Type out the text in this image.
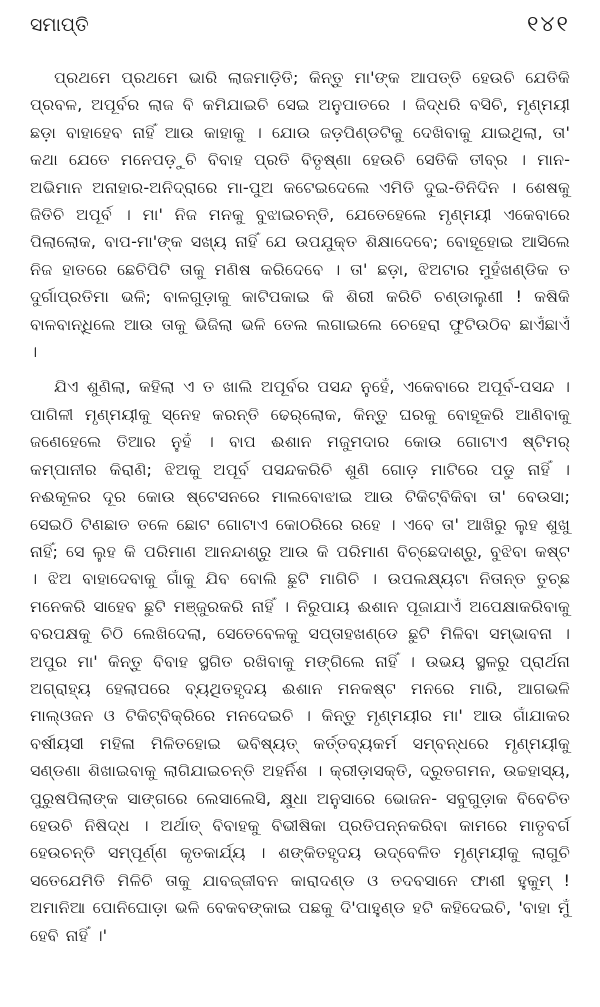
ସମାପ୍ତି	୧୪୧

ପ୍ରଥମେ ପ୍ରଥମେ ଭାରି ଲାଜମାଡ଼ିତି; କିନ୍ତୁ ମା'ଙ୍କ ଆପତ୍ତି ହେଉଚି ଯେତିକି ପ୍ରବଳ, ଅପୂର୍ବର ଲାଜ ବି କମିଯାଇଚି ସେଇ ଅନୁପାତରେ । ଜିଦ୍‌ଧରି ବସିଚି, ମୃଣ୍ମୟୀ ଛଡ଼ା ବାହାହେବ ନାହିଁ ଆଉ କାହାକୁ । ଯୋଉ ଜଡ଼ପିଣ୍ଡଟିକୁ ଦେଖିବାକୁ ଯାଇଥିଲା, ତା' କଥା ଯେତେ ମନେପଡ଼ୁଚି ବିବାହ ପ୍ରତି ବିତୃଷ୍ଣା ହେଉଚି ସେତିକି ତୀବ୍ର । ମାନ-ଅଭିମାନ ଅନାହାର-ଅନିଦ୍ରାରେ ମା-ପୁଅ କଟେଇଦେଲେ ଏମିତି ଦୁଇ-ତିନିଦିନ । ଶେଷକୁ ଜିତିଚି ଅପୂର୍ବ । ମା' ନିଜ ମନକୁ ବୁଝାଇଚନ୍ତି, ଯେତେହେଲେ ମୃଣ୍ମୟୀ ଏକେବାରେ ପିଲାଲୋକ, ବାପ-ମା'ଙ୍କ ସଖ୍ୟ ନାହିଁ ଯେ ଉପଯୁକ୍ତ ଶିକ୍ଷାଦେବେ; ବୋହୂହୋଇ ଆସିଲେ ନିଜ ହାତରେ ଛେଚିପିଟି ତାକୁ ମଣିଷ କରିଦେବେ । ତା' ଛଡ଼ା, ଝିଅଟାର ମୁହଁଖଣ୍ଡିକ ତ ଦୁର୍ଗାପ୍ରତିମା ଭଳି; ବାଳଗୁଡ଼ାକୁ କାଟିପକାଇ କି ଶିରୀ କରିଚି ଚଣ୍ଡାଲୁଣୀ ! କଷିକି ବାଳବାନ୍ଧିଲେ ଆଉ ତାକୁ ଭିଜିଲା ଭଳି ତେଲ ଲଗାଇଲେ ଚେହେରା ଫୁଟିଉଠିବ ଛାଏଁଛାଏଁ ।

ଯିଏ ଶୁଣିଲା, କହିଲା ଏ ତ ଖାଲି ଅପୂର୍ବର ପସନ୍ଦ ନୁହେଁ, ଏକେବାରେ ଅପୂର୍ବ-ପସନ୍ଦ । ପାଗିଳୀ ମୃଣ୍ମୟୀକୁ ସ୍ନେହ କରନ୍ତି ଢେର୍‌ଲୋକ, କିନ୍ତୁ ଘରକୁ ବୋହୂକରି ଆଣିବାକୁ ଜଣେହେଲେ ତିଆର ନୁହଁ । ବାପ ଈଶାନ ମଜୁମଦାର କୋଉ ଗୋଟାଏ ଷ୍ଟିମର୍ କମ୍ପାନୀର କିରାଣି; ଝିଅକୁ ଅପୂର୍ବ ପସନ୍ଦକରିଚି ଶୁଣି ଗୋଡ଼ ମାଟିରେ ପଡୁ ନାହିଁ । ନଈକୂଳର ଦୂର କୋଉ ଷ୍ଟେସନରେ ମାଲବୋଝାଇ ଆଉ ଟିକିଟ୍‌ବିକିବା ତା' ବେଉସା; ସେଇଠି ଟିଣଛାତ ତଳେ ଛୋଟ ଗୋଟାଏ କୋଠରିରେ ରହେ । ଏବେ ତା' ଆଖିରୁ ଲୁହ ଶୁଖୁ ନାହିଁ; ସେ ଲୁହ କି ପରିମାଣ ଆନନ୍ଦାଶ୍ରୁ ଆଉ କି ପରିମାଣ ବିଚ୍ଛେଦାଶ୍ରୁ, ବୁଝିବା କଷ୍ଟ । ଝିଅ ବାହାଦେବାକୁ ଗାଁକୁ ଯିବ ବୋଲି ଛୁଟି ମାଗିଚି । ଉପଲକ୍ଷ୍ୟଟା ନିତାନ୍ତ ତୁଚ୍ଛ ମନେକରି ସାହେବ ଛୁଟି ମଞ୍ଜୁରକରି ନାହିଁ । ନିରୁପାୟ ଈଶାନ ପୂଜାଯାଏଁ ଅପେକ୍ଷାକରିବାକୁ ବରପକ୍ଷକୁ ଚିଠି ଲେଖିଦେଲା, ସେତେବେଳକୁ ସପ୍ତାହଖଣ୍ଡେ ଛୁଟି ମିଳିବା ସମ୍ଭାବନା । ଅପୁର ମା' କିନ୍ତୁ ବିବାହ ସ୍ଥଗିତ ରଖିବାକୁ ମଙ୍ଗିଲେ ନାହିଁ । ଉଭୟ ସ୍ଥଳରୁ ପ୍ରାର୍ଥନା ଅଗ୍ରାହ୍ୟ ହେଲାପରେ ବ୍ୟଥିତହୃଦୟ ଈଶାନ ମନକଷ୍ଟ ମନରେ ମାରି, ଆଗଭଳି ମାଲ୍‌ଓଜନ ଓ ଟିକିଟ୍‌ବିକ୍ରିରେ ମନଦେଇଚି । କିନ୍ତୁ ମୃଣ୍ମୟୀର ମା' ଆଉ ଗାଁଯାକର ବର୍ଷୀୟସୀ ମହିଳା ମିଳିତହୋଇ ଭବିଷ୍ୟତ୍ କର୍ତ୍ତବ୍ୟକର୍ମ ସମ୍ବନ୍ଧରେ ମୃଣ୍ମୟୀକୁ ସଣ୍ଡଣା ଶିଖାଇବାକୁ ଲାଗିଯାଇଚନ୍ତି ଅହର୍ନିଶ । କ୍ରୀଡ଼ାସକ୍ତି, ଦ୍ରୁତଗମନ, ଉଚ୍ଚହାସ୍ୟ, ପୁରୁଷପିଲାଙ୍କ ସାଙ୍ଗରେ ଲେସାଲେସି, କ୍ଷୁଧା ଅନୁସାରେ ଭୋଜନ- ସବୁଗୁଡ଼ାକ ବିବେଚିତ ହେଉଚି ନିଷିଦ୍ଧ । ଅର୍ଥାତ୍ ବିବାହକୁ ବିଭୀଷିକା ପ୍ରତିପନ୍ନକରିବା କାମରେ ମାତୃବର୍ଗ ହେଉଚନ୍ତି ସମ୍ପୂର୍ଣ୍ଣ କୃତକାର୍ଯ୍ୟ । ଶଙ୍କିତହୃଦୟ ଉଦ୍ବେଳିତ ମୃଣ୍ମୟୀକୁ ଲାଗୁଚି ସତେଯେମିତି ମିଳିଚି ତାକୁ ଯାବଜ୍ଜୀବନ କାରାଦଣ୍ଡ ଓ ତଦବସାନେ ଫାଶୀ ହୁକୁମ୍ ! ଅମାନିଆ ପୋନିଘୋଡ଼ା ଭଳି ବେକବଙ୍କାଇ ପଛକୁ ଦି'ପାହୁଣ୍ଡ ହଟି କହିଦେଇଚି, 'ବାହା ମୁଁ ହେବି ନାହିଁ ।'
